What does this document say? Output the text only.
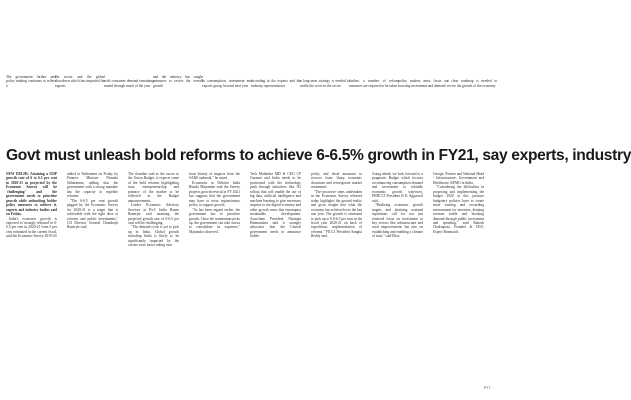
The government further said policy making continues to reflect a

the sector and the global slowdown which has impacted the exports

with consumer demand remaining muted through much of the year

and the industry has sought measures to revive the overall growth

in consumption, investment and exports going forward next year

according to the experts and the industry representatives

a long-term strategy is needed to tackle the crisis in the sector

further, a number of reform measures are required to be taken

policy makers must focus on boosting investment and demand

a clear roadmap is needed to revive the growth of the economy

Govt must unleash bold reforms to achieve 6-6.5% growth in FY21, say experts, industry

NEW DELHI: Attaining a GDP growth rate of 6 to 6.5 per cent in 2020-21 as projected by the Economic Survey will be 'challenging' and the government needs to prioritise growth while unleashing bolder policy measures to achieve it, experts and industry bodies said on Friday.

India's economic growth is expected to 'strongly rebound' to 6-6.5 per cent in 2020-21 from 5 per cent estimated in the current fiscal, said the Economic Survey 2019-20

tabled in Parliament on Friday by Finance Minister Nirmala Sitharaman, adding that the government with a strong mandate has the capacity to expedite reforms.

"The 6-6.5 per cent growth pegged by the Economic Survey for 2020-21 is a target that is achievable with the right dose of reforms and public investments," CII Director General Chandrajit Banerjee said.

The chamber said as the cursor to the Union Budget, it expects some of the bold reforms highlighting trust, entrepreneurship and primacy of the market to be reflected in the Budget announcements.

Leader Economic Advisory Services at PwC India Ranen Banerjee said attaining the projected growth rate of 6-6.5 per cent will be challenging.

"The demand cycle is yet to pick up in India. Global growth including India is likely to be significantly impacted by the corona virus factor taking cues

from history of impacts from the SARS outbreak," he noted.

Economist at Deloitte India Rumki Majumdar said the Survey projects growth revival in FY 2021 but suggests that the government may have to incur expansionary policy to support growth.

"As has been argued earlier, the government has to prioritise growth. Once the momentum picks up, the government can take action to consolidate its expenses," Majumdar observed.

Tech Mahindra MD & CEO CP Gurnani said India needs to be positioned with the technology push through initiatives like 5G rollout that will enable the use of big data, artificial intelligence and machine learning to give necessary impetus to the digital economy and other growth areas that encompass sustainable development. Assocham President Niranjan Hiranandani said it strongly advocates that the Central government needs to announce bolder

policy and fiscal measures to recover from 'sharp economic downturn and reinvigorate market sentiments'.

"The proactive steps undertaken in the Economic Survey released today highlights the ground reality and gives insight into what the economy has achieved over the last one year. The growth is estimated to pick up to 6.0-6.5 per cent in the fiscal year 2020-21 on back of expeditious implementation of reforms," FICCI President Sangita Reddy said.

Going ahead, we look forward to a pragmatic Budget which focuses on enhancing consumption demand and investment to rekindle economic growth trajectory, PHDCCI President D K Aggarwal said.

"Realizing economic growth targets and attaining national aspirations call for not just renewed focus on investment in key sectors like infrastructure and rural empowerment, but also on establishing and enabling a climate of trust," said Elias

George, Partner and National Head - Infrastructure, Government and Healthcare, KPMG in India.

"Considering the difficulties in proposing and implementing the budget 2020 at this juncture budgetary policies have to create more trusting and rewarding environment for investors, keeping revenue stable and boosting demand through public investment and spending," said Rakesh Chakrapani, Founder & CEO, Expert Bonmatch.

PTI
